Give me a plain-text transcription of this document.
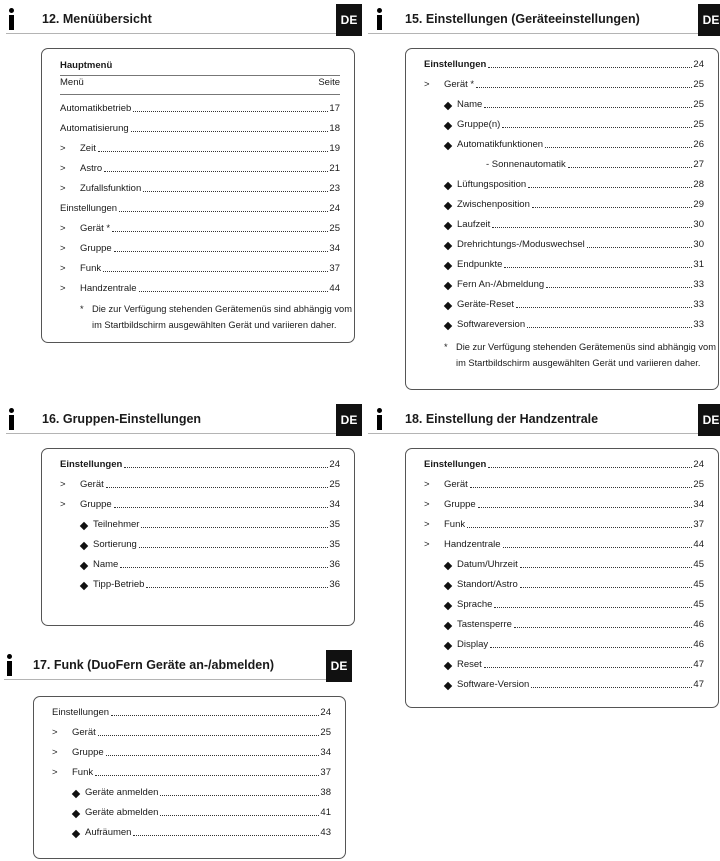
12. Menüübersicht	DE
Hauptmenü
Menü	Seite
Automatikbetrieb	17
Automatisierung	18
>	Zeit	19
>	Astro	21
>	Zufallsfunktion	23
Einstellungen	24
>	Gerät *	25
>	Gruppe	34
>	Funk	37
>	Handzentrale	44
* Die zur Verfügung stehenden Gerätemenüs sind abhängig vom im Startbildschirm ausgewählten Gerät und variieren daher.
15. Einstellungen (Geräteeinstellungen)	DE
Einstellungen	24
>	Gerät *	25
Name	25
Gruppe(n)	25
Automatikfunktionen	26
- Sonnenautomatik	27
Lüftungsposition	28
Zwischenposition	29
Laufzeit	30
Drehrichtungs-/Moduswechsel	30
Endpunkte	31
Fern An-/Abmeldung	33
Geräte-Reset	33
Softwareversion	33
* Die zur Verfügung stehenden Gerätemenüs sind abhängig vom im Startbildschirm ausgewählten Gerät und variieren daher.
16. Gruppen-Einstellungen	DE
Einstellungen	24
>	Gerät	25
>	Gruppe	34
Teilnehmer	35
Sortierung	35
Name	36
Tipp-Betrieb	36
17. Funk (DuoFern Geräte an-/abmelden)	DE
Einstellungen	24
>	Gerät	25
>	Gruppe	34
>	Funk	37
Geräte anmelden	38
Geräte abmelden	41
Aufräumen	43
18. Einstellung der Handzentrale	DE
Einstellungen	24
>	Gerät	25
>	Gruppe	34
>	Funk	37
>	Handzentrale	44
Datum/Uhrzeit	45
Standort/Astro	45
Sprache	45
Tastensperre	46
Display	46
Reset	47
Software-Version	47
